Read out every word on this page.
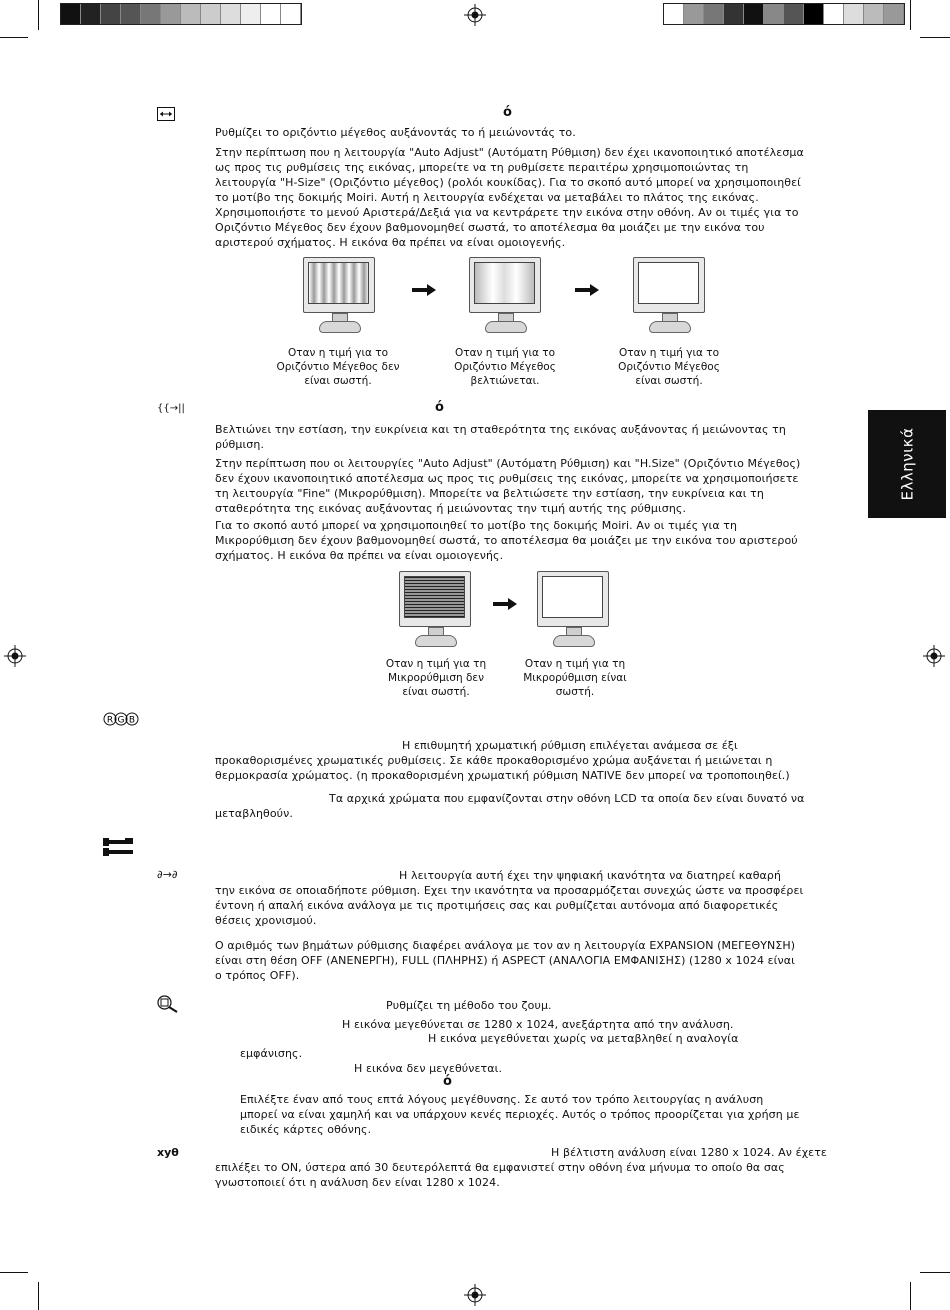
Ελληνικά
ό
Ρυθμίζει το οριζόντιο μέγεθος αυξάνοντάς το ή μειώνοντάς το.
Στην περίπτωση που η λειτουργία "Auto Adjust" (Αυτόματη Ρύθμιση) δεν έχει ικανοποιητικό αποτέλεσμα
ως προς τις ρυθμίσεις της εικόνας, μπορείτε να τη ρυθμίσετε περαιτέρω χρησιμοποιώντας τη
λειτουργία "H-Size" (Οριζόντιο μέγεθος) (ρολόι κουκίδας). Για το σκοπό αυτό μπορεί να χρησιμοποιηθεί
το μοτίβο της δοκιμής Moiri. Αυτή η λειτουργία ενδέχεται να μεταβάλει το πλάτος της εικόνας.
Χρησιμοποιήστε το μενού Αριστερά/Δεξιά για να κεντράρετε την εικόνα στην οθόνη. Αν οι τιμές για το
Οριζόντιο Μέγεθος δεν έχουν βαθμονομηθεί σωστά, το αποτέλεσμα θα μοιάζει με την εικόνα του
αριστερού σχήματος. Η εικόνα θα πρέπει να είναι ομοιογενής.
Οταν η τιμή για το
Οριζόντιο Μέγεθος δεν
είναι σωστή.
Οταν η τιμή για το
Οριζόντιο Μέγεθος
βελτιώνεται.
Οταν η τιμή για το
Οριζόντιο Μέγεθος
είναι σωστή.
{{→||	ό
Βελτιώνει την εστίαση, την ευκρίνεια και τη σταθερότητα της εικόνας αυξάνοντας ή μειώνοντας τη
ρύθμιση.
Στην περίπτωση που οι λειτουργίες "Auto Adjust" (Αυτόματη Ρύθμιση) και "H.Size" (Οριζόντιο Μέγεθος)
δεν έχουν ικανοποιητικό αποτέλεσμα ως προς τις ρυθμίσεις της εικόνας, μπορείτε να χρησιμοποιήσετε
τη λειτουργία "Fine" (Μικρορύθμιση). Μπορείτε να βελτιώσετε την εστίαση, την ευκρίνεια και τη
σταθερότητα της εικόνας αυξάνοντας ή μειώνοντας την τιμή αυτής της ρύθμισης.
Για το σκοπό αυτό μπορεί να χρησιμοποιηθεί το μοτίβο της δοκιμής Moiri. Αν οι τιμές για τη
Μικρορύθμιση δεν έχουν βαθμονομηθεί σωστά, το αποτέλεσμα θα μοιάζει με την εικόνα του αριστερού
σχήματος. Η εικόνα θα πρέπει να είναι ομοιογενής.
Οταν η τιμή για τη
Μικρορύθμιση δεν
είναι σωστή.
Οταν η τιμή για τη
Μικρορύθμιση είναι
σωστή.
R G B
Η επιθυμητή χρωματική ρύθμιση επιλέγεται ανάμεσα σε έξι
προκαθορισμένες χρωματικές ρυθμίσεις. Σε κάθε προκαθορισμένο χρώμα αυξάνεται ή μειώνεται η
θερμοκρασία χρώματος. (η προκαθορισμένη χρωματική ρύθμιση NATIVE δεν μπορεί να τροποποιηθεί.)
Τα αρχικά χρώματα που εμφανίζονται στην οθόνη LCD τα οποία δεν είναι δυνατό να
μεταβληθούν.
∂→∂	Η λειτουργία αυτή έχει την ψηφιακή ικανότητα να διατηρεί καθαρή
την εικόνα σε οποιαδήποτε ρύθμιση. Εχει την ικανότητα να προσαρμόζεται συνεχώς ώστε να προσφέρει
έντονη ή απαλή εικόνα ανάλογα με τις προτιμήσεις σας και ρυθμίζεται αυτόνομα από διαφορετικές
θέσεις χρονισμού.
Ο αριθμός των βημάτων ρύθμισης διαφέρει ανάλογα με τον αν η λειτουργία EXPANSION (ΜΕΓΕΘΥΝΣΗ)
είναι στη θέση OFF (ΑΝΕΝΕΡΓΗ), FULL (ΠΛΗΡΗΣ) ή ASPECT (ΑΝΑΛΟΓΙΑ ΕΜΦΑΝΙΣΗΣ) (1280 x 1024 είναι
ο τρόπος OFF).
Ρυθμίζει τη μέθοδο του ζουμ.
Η εικόνα μεγεθύνεται σε 1280 x 1024, ανεξάρτητα από την ανάλυση.
Η εικόνα μεγεθύνεται χωρίς να μεταβληθεί η αναλογία
εμφάνισης.
Η εικόνα δεν μεγεθύνεται.
ό
Επιλέξτε έναν από τους επτά λόγους μεγέθυνσης. Σε αυτό τον τρόπο λειτουργίας η ανάλυση
μπορεί να είναι χαμηλή και να υπάρχουν κενές περιοχές. Αυτός ο τρόπος προορίζεται για χρήση με
ειδικές κάρτες οθόνης.
xyθ	Η βέλτιστη ανάλυση είναι 1280 x 1024. Αν έχετε
επιλέξει το ON, ύστερα από 30 δευτερόλεπτά θα εμφανιστεί στην οθόνη ένα μήνυμα το οποίο θα σας
γνωστοποιεί ότι η ανάλυση δεν είναι 1280 x 1024.
